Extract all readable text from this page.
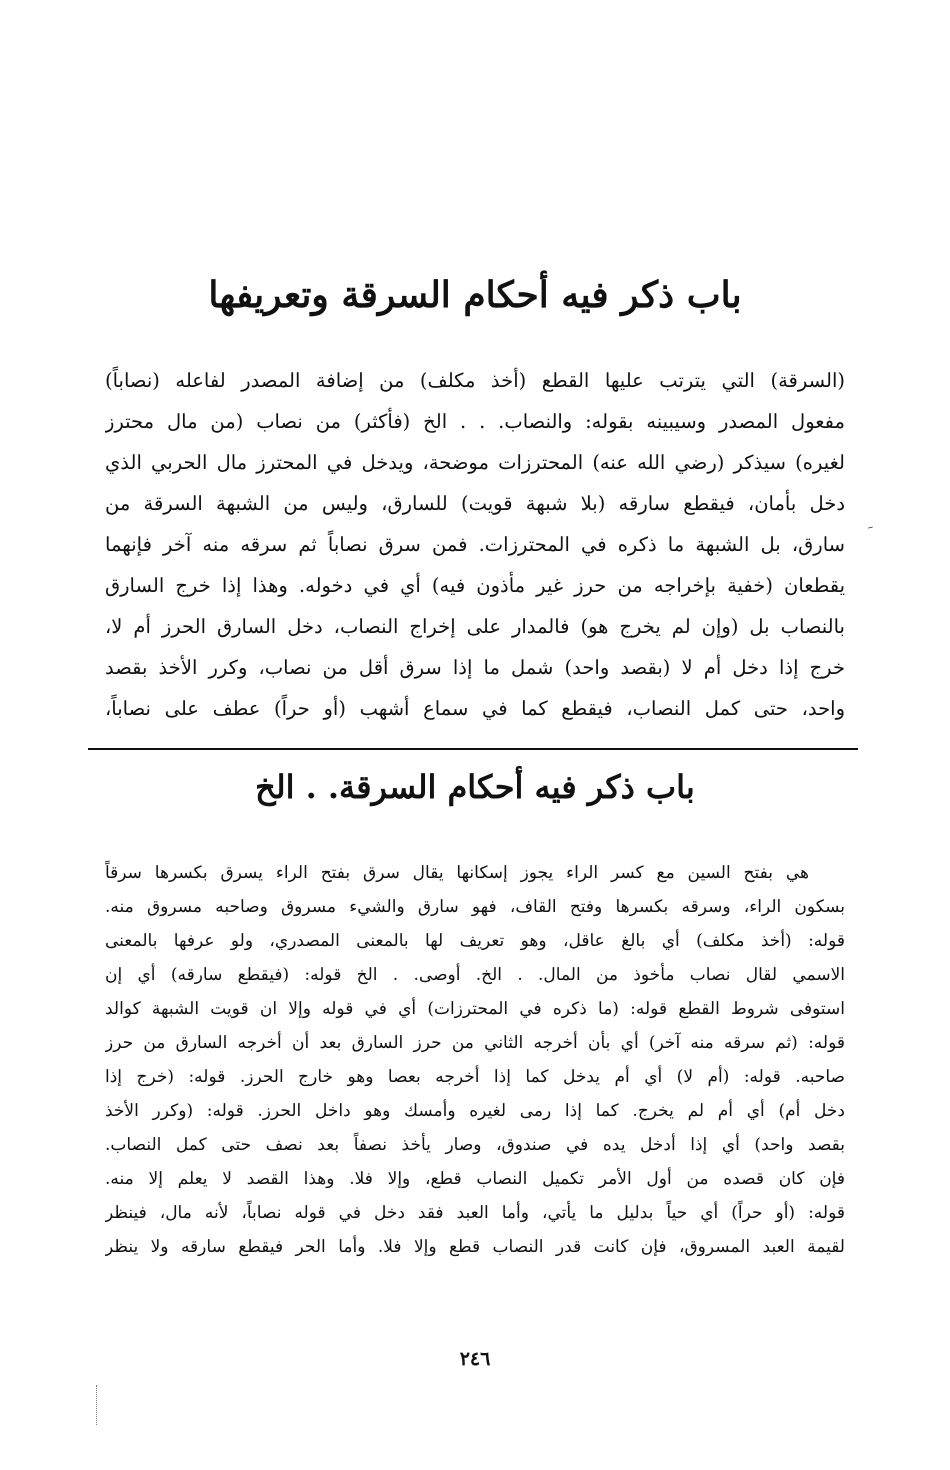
باب ذكر فيه أحكام السرقة وتعريفها
ﹶ
(السرقة) التي يترتب عليها القطع (أخذ مكلف) من إضافة المصدر لفاعله (نصاباً)
مفعول المصدر وسيبينه بقوله: والنصاب. . . الخ (فأكثر) من نصاب (من مال محترز
لغيره) سيذكر (رضي الله عنه) المحترزات موضحة، ويدخل في المحترز مال الحربي الذي
دخل بأمان، فيقطع سارقه (بلا شبهة قويت) للسارق، وليس من الشبهة السرقة من
سارق، بل الشبهة ما ذكره في المحترزات. فمن سرق نصاباً ثم سرقه منه آخر فإنهما
يقطعان (خفية بإخراجه من حرز غير مأذون فيه) أي في دخوله. وهذا إذا خرج السارق
بالنصاب بل (وإن لم يخرج هو) فالمدار على إخراج النصاب، دخل السارق الحرز أم لا،
خرج إذا دخل أم لا (بقصد واحد) شمل ما إذا سرق أقل من نصاب، وكرر الأخذ بقصد
واحد، حتى كمل النصاب، فيقطع كما في سماع أشهب (أو حراً) عطف على نصاباً،
باب ذكر فيه أحكام السرقة. . الخ
هي بفتح السين مع كسر الراء يجوز إسكانها يقال سرق بفتح الراء يسرق بكسرها سرقاً
بسكون الراء، وسرقه بكسرها وفتح القاف، فهو سارق والشيء مسروق وصاحبه مسروق منه.
قوله: (أخذ مكلف) أي بالغ عاقل، وهو تعريف لها بالمعنى المصدري، ولو عرفها بالمعنى
الاسمي لقال نصاب مأخوذ من المال. . الخ. أوصى. . الخ قوله: (فيقطع سارقه) أي إن
استوفى شروط القطع قوله: (ما ذكره في المحترزات) أي في قوله وإلا ان قويت الشبهة كوالد
قوله: (ثم سرقه منه آخر) أي بأن أخرجه الثاني من حرز السارق بعد أن أخرجه السارق من حرز
صاحبه. قوله: (أم لا) أي أم يدخل كما إذا أخرجه بعصا وهو خارج الحرز. قوله: (خرج إذا
دخل أم) أي أم لم يخرج. كما إذا رمى لغيره وأمسك وهو داخل الحرز. قوله: (وكرر الأخذ
بقصد واحد) أي إذا أدخل يده في صندوق، وصار يأخذ نصفاً بعد نصف حتى كمل النصاب.
فإن كان قصده من أول الأمر تكميل النصاب قطع، وإلا فلا. وهذا القصد لا يعلم إلا منه.
قوله: (أو حراً) أي حياً بدليل ما يأتي، وأما العبد فقد دخل في قوله نصاباً، لأنه مال، فينظر
لقيمة العبد المسروق، فإن كانت قدر النصاب قطع وإلا فلا. وأما الحر فيقطع سارقه ولا ينظر
٢٤٦
